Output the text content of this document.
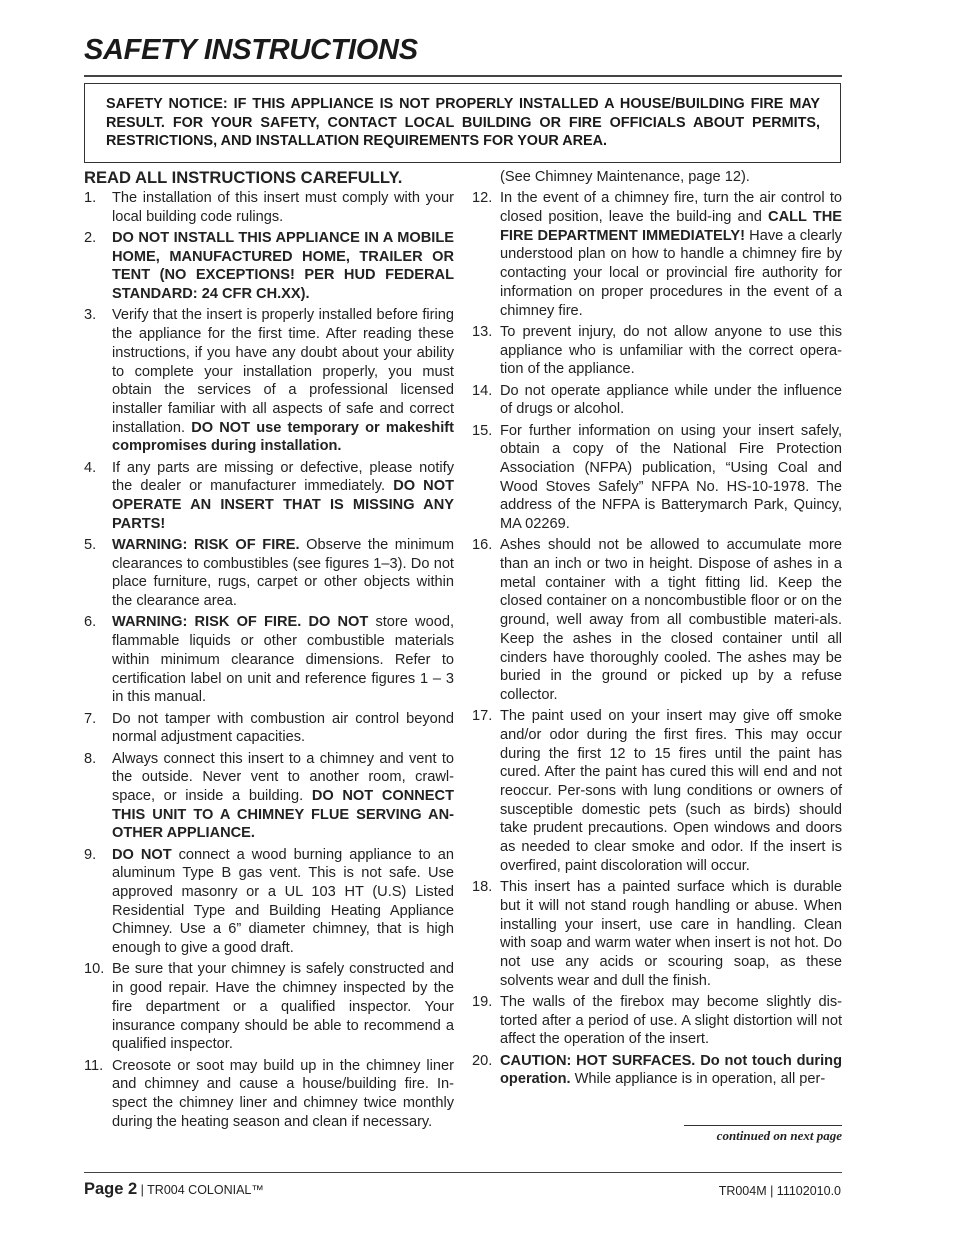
SAFETY INSTRUCTIONS
SAFETY NOTICE: IF THIS APPLIANCE IS NOT PROPERLY INSTALLED A HOUSE/BUILDING FIRE MAY RESULT. FOR YOUR SAFETY, CONTACT LOCAL BUILDING OR FIRE OFFICIALS ABOUT PERMITS, RESTRICTIONS, AND INSTALLATION REQUIREMENTS FOR YOUR AREA.
READ ALL INSTRUCTIONS CAREFULLY.
1.	The installation of this insert must comply with your local building code rulings.
2.	DO NOT INSTALL THIS APPLIANCE IN A MOBILE HOME, MANUFACTURED HOME, TRAILER OR TENT (NO EXCEPTIONS! PER HUD FEDERAL STANDARD: 24 CFR CH.XX).
3.	Verify that the insert is properly installed before firing the appliance for the first time. After reading these instructions, if you have any doubt about your ability to complete your installation properly, you must obtain the services of a professional licensed installer familiar with all aspects of safe and correct installation. DO NOT use temporary or makeshift compromises during installation.
4.	If any parts are missing or defective, please notify the dealer or manufacturer immediately. DO NOT OPERATE AN INSERT THAT IS MISSING ANY PARTS!
5.	WARNING: RISK OF FIRE. Observe the minimum clearances to combustibles (see figures 1–3). Do not place furniture, rugs, carpet or other objects within the clearance area.
6.	WARNING: RISK OF FIRE. DO NOT store wood, flammable liquids or other combustible materials within minimum clearance dimensions. Refer to certification label on unit and reference figures 1 – 3 in this manual.
7.	Do not tamper with combustion air control beyond normal adjustment capacities.
8.	Always connect this insert to a chimney and vent to the outside. Never vent to another room, crawl-space, or inside a building. DO NOT CONNECT THIS UNIT TO A CHIMNEY FLUE SERVING AN-OTHER APPLIANCE.
9.	DO NOT connect a wood burning appliance to an aluminum Type B gas vent. This is not safe. Use approved masonry or a UL 103 HT (U.S) Listed Residential Type and Building Heating Appliance Chimney. Use a 6” diameter chimney, that is high enough to give a good draft.
10. Be sure that your chimney is safely constructed and in good repair. Have the chimney inspected by the fire department or a qualified inspector. Your insurance company should be able to recommend a qualified inspector.
11. Creosote or soot may build up in the chimney liner and chimney and cause a house/building fire. In-spect the chimney liner and chimney twice monthly during the heating season and clean if necessary.
(See Chimney Maintenance, page 12).
12. In the event of a chimney fire, turn the air control to closed position, leave the build-ing and CALL THE FIRE DEPARTMENT IMMEDIATELY! Have a clearly understood plan on how to handle a chimney fire by contacting your local or provincial fire authority for information on proper procedures in the event of a chimney fire.
13. To prevent injury, do not allow anyone to use this appliance who is unfamiliar with the correct opera-tion of the appliance.
14. Do not operate appliance while under the influence of drugs or alcohol.
15. For further information on using your insert safely, obtain a copy of the National Fire Protection Association (NFPA) publication, “Using Coal and Wood Stoves Safely” NFPA No. HS-10-1978. The address of the NFPA is Batterymarch Park, Quincy, MA 02269.
16. Ashes should not be allowed to accumulate more than an inch or two in height. Dispose of ashes in a metal container with a tight fitting lid. Keep the closed container on a noncombustible floor or on the ground, well away from all combustible materi-als. Keep the ashes in the closed container until all cinders have thoroughly cooled. The ashes may be buried in the ground or picked up by a refuse collector.
17. The paint used on your insert may give off smoke and/or odor during the first fires. This may occur during the first 12 to 15 fires until the paint has cured. After the paint has cured this will end and not reoccur. Per-sons with lung conditions or owners of susceptible domestic pets (such as birds) should take prudent precautions. Open windows and doors as needed to clear smoke and odor. If the insert is overfired, paint discoloration will occur.
18. This insert has a painted surface which is durable but it will not stand rough handling or abuse. When installing your insert, use care in handling. Clean with soap and warm water when insert is not hot. Do not use any acids or scouring soap, as these solvents wear and dull the finish.
19. The walls of the firebox may become slightly dis-torted after a period of use. A slight distortion will not affect the operation of the insert.
20. CAUTION: HOT SURFACES. Do not touch during operation. While appliance is in operation, all per-
continued on next page
Page 2 | TR004 COLONIAL™	TR004M | 11102010.0
